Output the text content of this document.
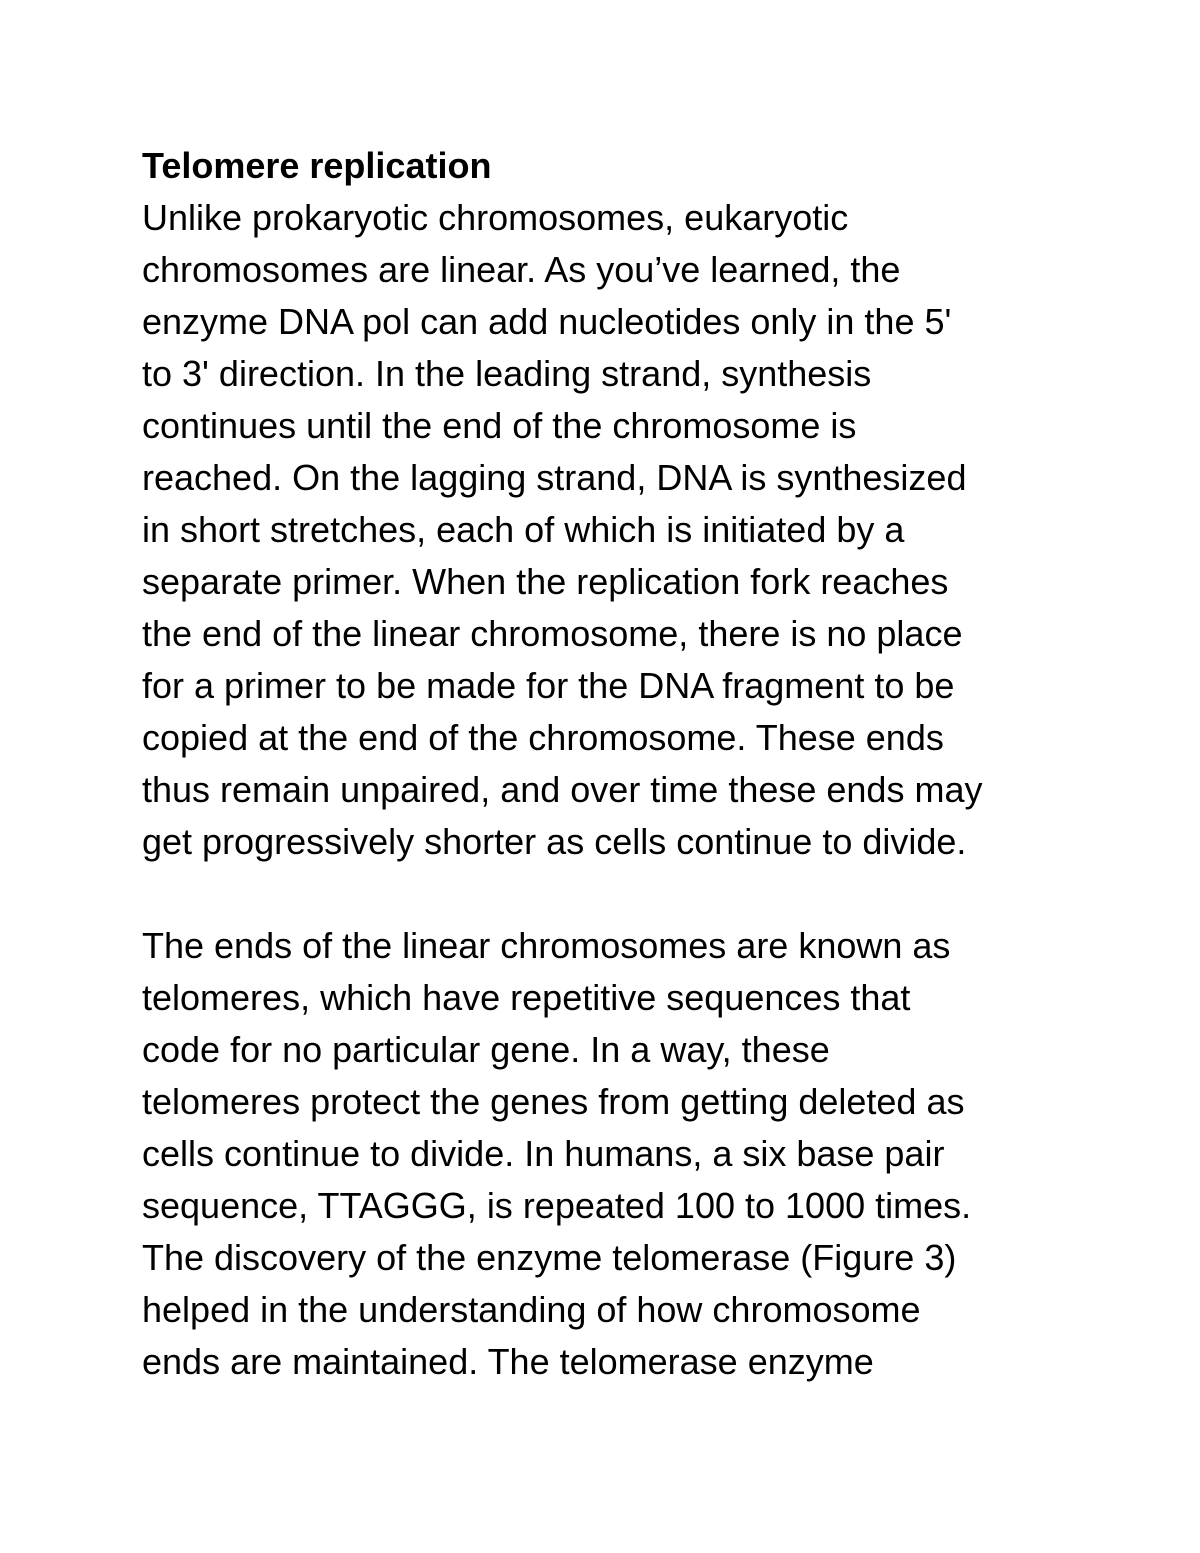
Telomere replication
Unlike prokaryotic chromosomes, eukaryotic
chromosomes are linear. As you’ve learned, the
enzyme DNA pol can add nucleotides only in the 5'
to 3' direction. In the leading strand, synthesis
continues until the end of the chromosome is
reached. On the lagging strand, DNA is synthesized
in short stretches, each of which is initiated by a
separate primer. When the replication fork reaches
the end of the linear chromosome, there is no place
for a primer to be made for the DNA fragment to be
copied at the end of the chromosome. These ends
thus remain unpaired, and over time these ends may
get progressively shorter as cells continue to divide.
The ends of the linear chromosomes are known as
telomeres, which have repetitive sequences that
code for no particular gene. In a way, these
telomeres protect the genes from getting deleted as
cells continue to divide. In humans, a six base pair
sequence, TTAGGG, is repeated 100 to 1000 times.
The discovery of the enzyme telomerase (Figure 3)
helped in the understanding of how chromosome
ends are maintained. The telomerase enzyme
